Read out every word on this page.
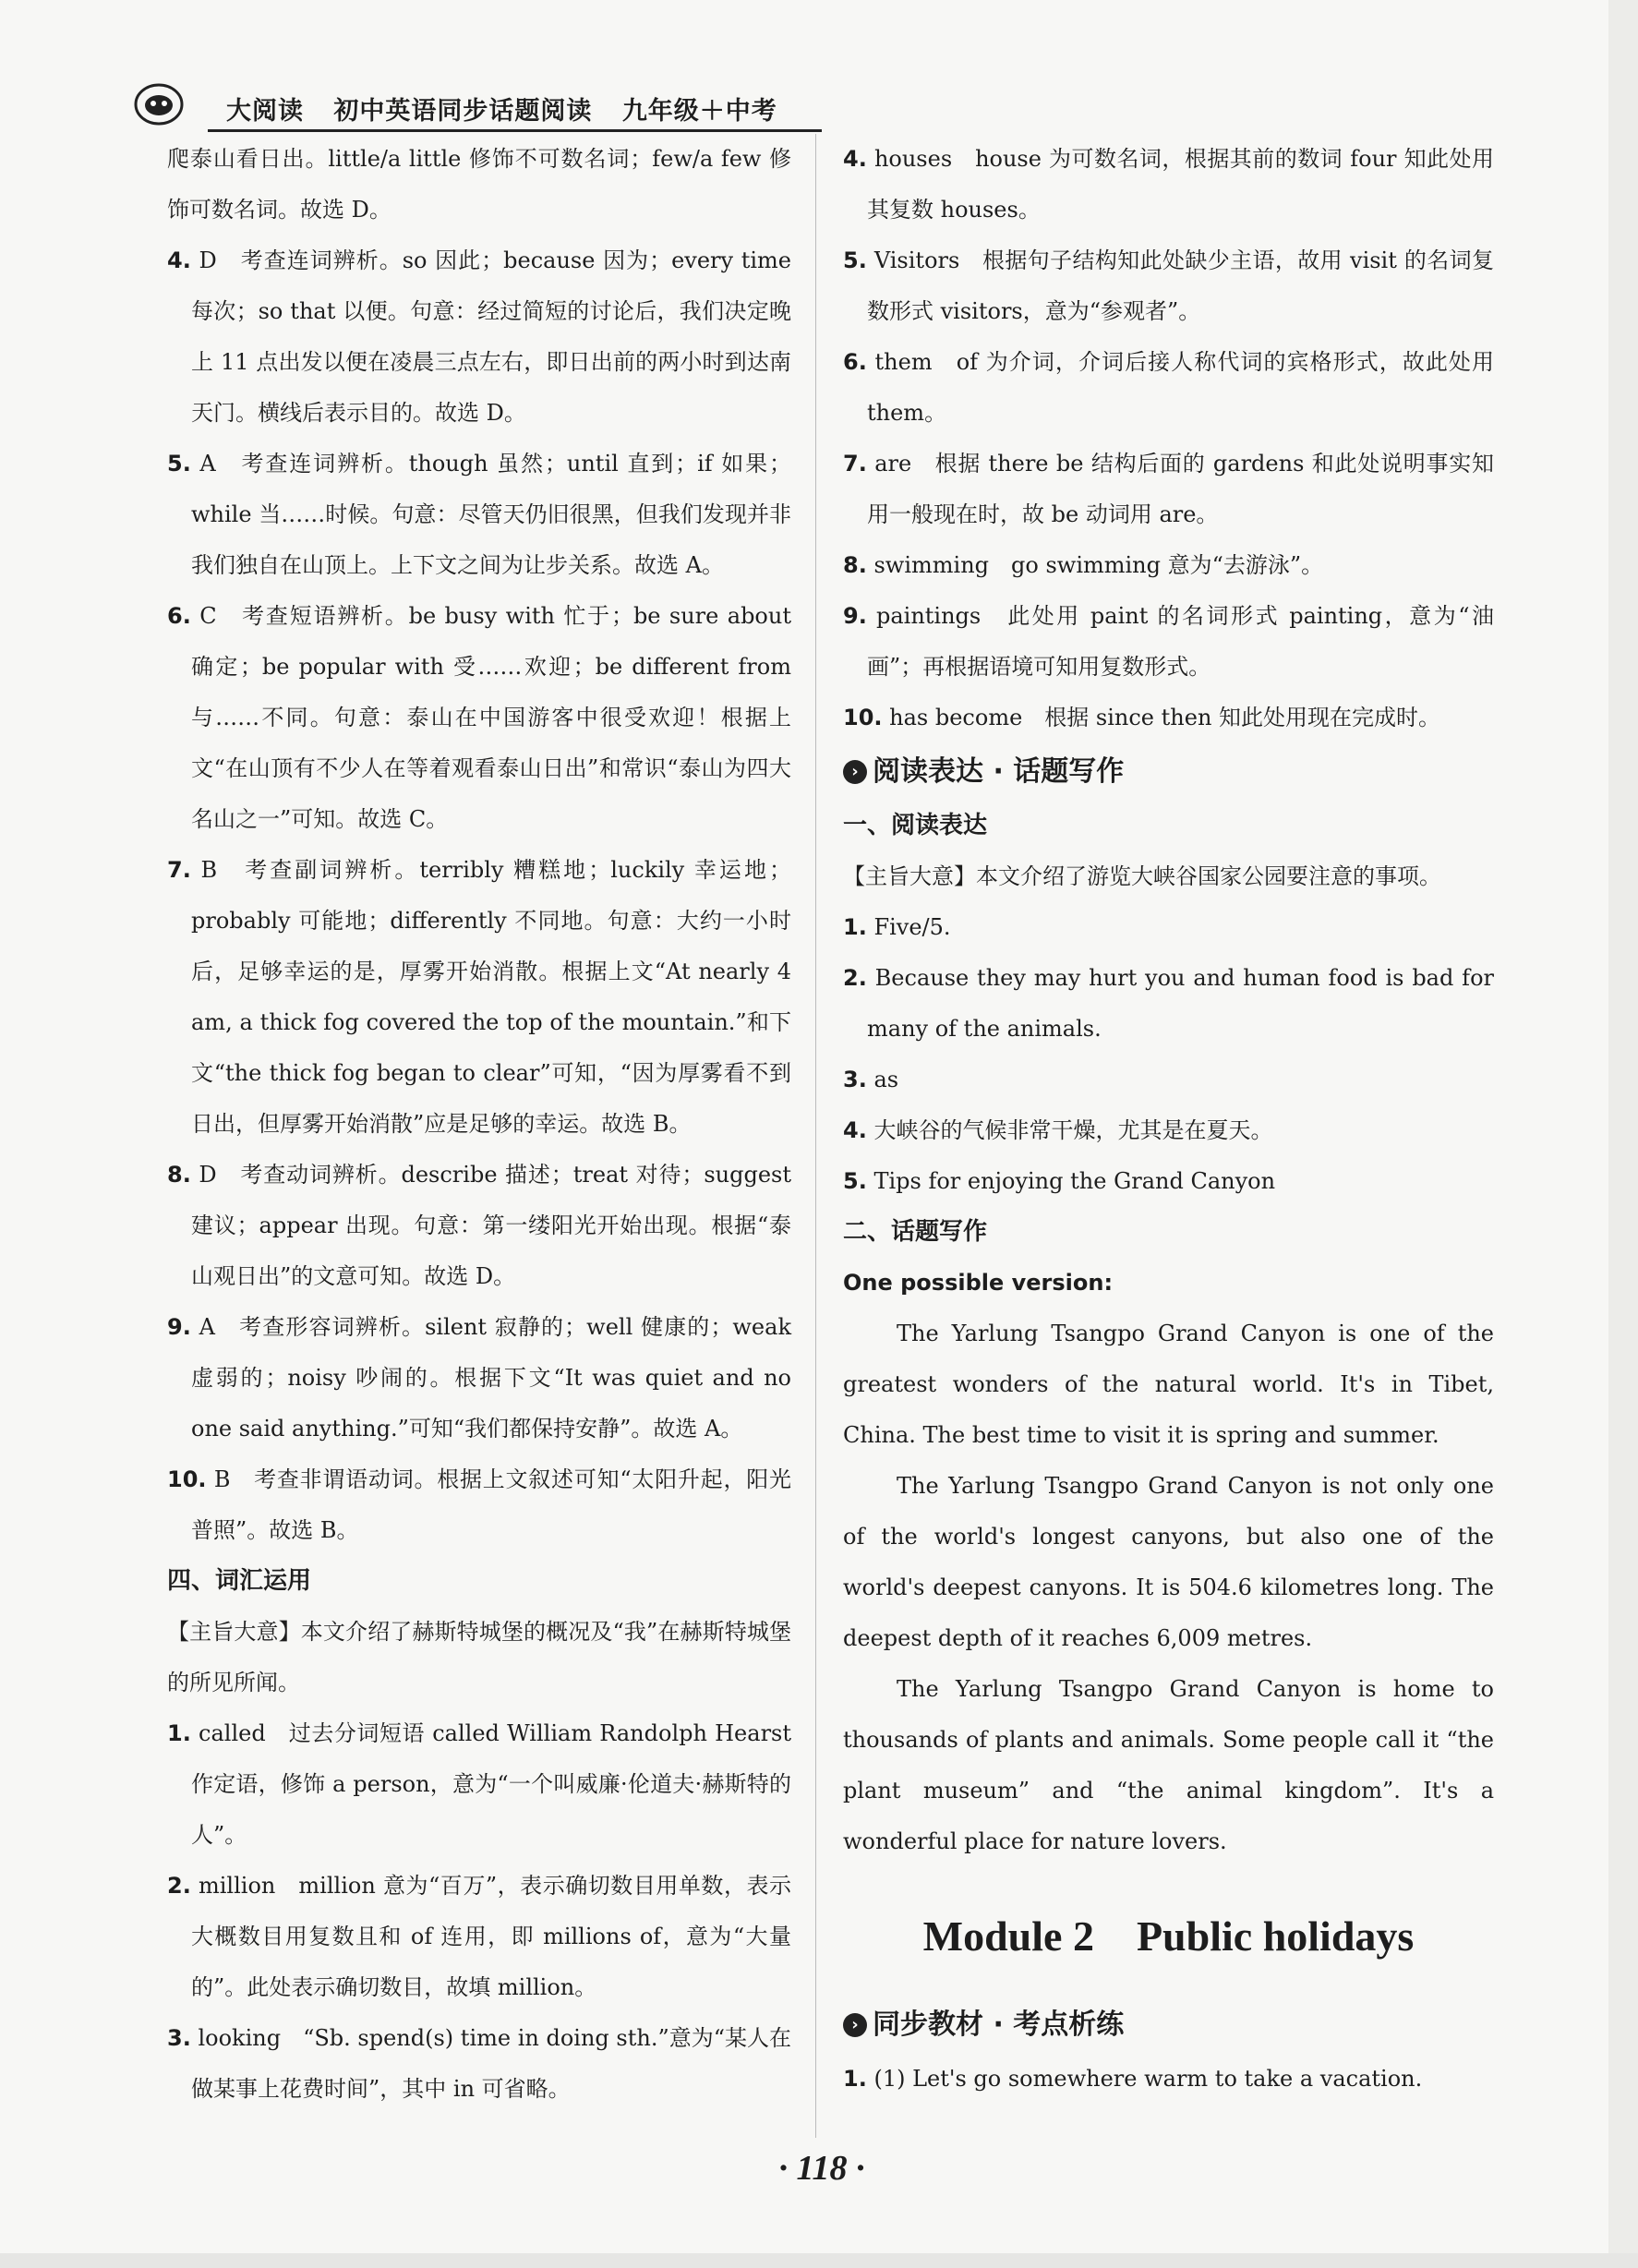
大阅读 初中英语同步话题阅读 九年级＋中考
爬泰山看日出。little/a little 修饰不可数名词；few/a few 修饰可数名词。故选 D。
4. D　考查连词辨析。so 因此；because 因为；every time 每次；so that 以便。句意：经过简短的讨论后，我们决定晚上 11 点出发以便在凌晨三点左右，即日出前的两小时到达南天门。横线后表示目的。故选 D。
5. A　考查连词辨析。though 虽然；until 直到；if 如果；while 当……时候。句意：尽管天仍旧很黑，但我们发现并非我们独自在山顶上。上下文之间为让步关系。故选 A。
6. C　考查短语辨析。be busy with 忙于；be sure about 确定；be popular with 受……欢迎；be different from 与……不同。句意：泰山在中国游客中很受欢迎！根据上文“在山顶有不少人在等着观看泰山日出”和常识“泰山为四大名山之一”可知。故选 C。
7. B　考查副词辨析。terribly 糟糕地；luckily 幸运地；probably 可能地；differently 不同地。句意：大约一小时后，足够幸运的是，厚雾开始消散。根据上文“At nearly 4 am, a thick fog covered the top of the mountain.”和下文“the thick fog began to clear”可知，“因为厚雾看不到日出，但厚雾开始消散”应是足够的幸运。故选 B。
8. D　考查动词辨析。describe 描述；treat 对待；suggest 建议；appear 出现。句意：第一缕阳光开始出现。根据“泰山观日出”的文意可知。故选 D。
9. A　考查形容词辨析。silent 寂静的；well 健康的；weak 虚弱的；noisy 吵闹的。根据下文“It was quiet and no one said anything.”可知“我们都保持安静”。故选 A。
10. B　考查非谓语动词。根据上文叙述可知“太阳升起，阳光普照”。故选 B。
四、词汇运用
【主旨大意】本文介绍了赫斯特城堡的概况及“我”在赫斯特城堡的所见所闻。
1. called　过去分词短语 called William Randolph Hearst 作定语，修饰 a person，意为“一个叫威廉·伦道夫·赫斯特的人”。
2. million　million 意为“百万”，表示确切数目用单数，表示大概数目用复数且和 of 连用，即 millions of，意为“大量的”。此处表示确切数目，故填 million。
3. looking　“Sb. spend(s) time in doing sth.”意为“某人在做某事上花费时间”，其中 in 可省略。
4. houses　house 为可数名词，根据其前的数词 four 知此处用其复数 houses。
5. Visitors　根据句子结构知此处缺少主语，故用 visit 的名词复数形式 visitors，意为“参观者”。
6. them　of 为介词，介词后接人称代词的宾格形式，故此处用 them。
7. are　根据 there be 结构后面的 gardens 和此处说明事实知用一般现在时，故 be 动词用 are。
8. swimming　go swimming 意为“去游泳”。
9. paintings　此处用 paint 的名词形式 painting，意为“油画”；再根据语境可知用复数形式。
10. has become　根据 since then 知此处用现在完成时。
› 阅读表达 · 话题写作
一、阅读表达
【主旨大意】本文介绍了游览大峡谷国家公园要注意的事项。
1. Five/5.
2. Because they may hurt you and human food is bad for many of the animals.
3. as
4. 大峡谷的气候非常干燥，尤其是在夏天。
5. Tips for enjoying the Grand Canyon
二、话题写作
One possible version:
The Yarlung Tsangpo Grand Canyon is one of the greatest wonders of the natural world. It's in Tibet, China. The best time to visit it is spring and summer.
The Yarlung Tsangpo Grand Canyon is not only one of the world's longest canyons, but also one of the world's deepest canyons. It is 504.6 kilometres long. The deepest depth of it reaches 6,009 metres.
The Yarlung Tsangpo Grand Canyon is home to thousands of plants and animals. Some people call it “the plant museum” and “the animal kingdom”. It's a wonderful place for nature lovers.
Module 2　Public holidays
› 同步教材 · 考点析练
1. (1) Let's go somewhere warm to take a vacation.
· 118 ·
